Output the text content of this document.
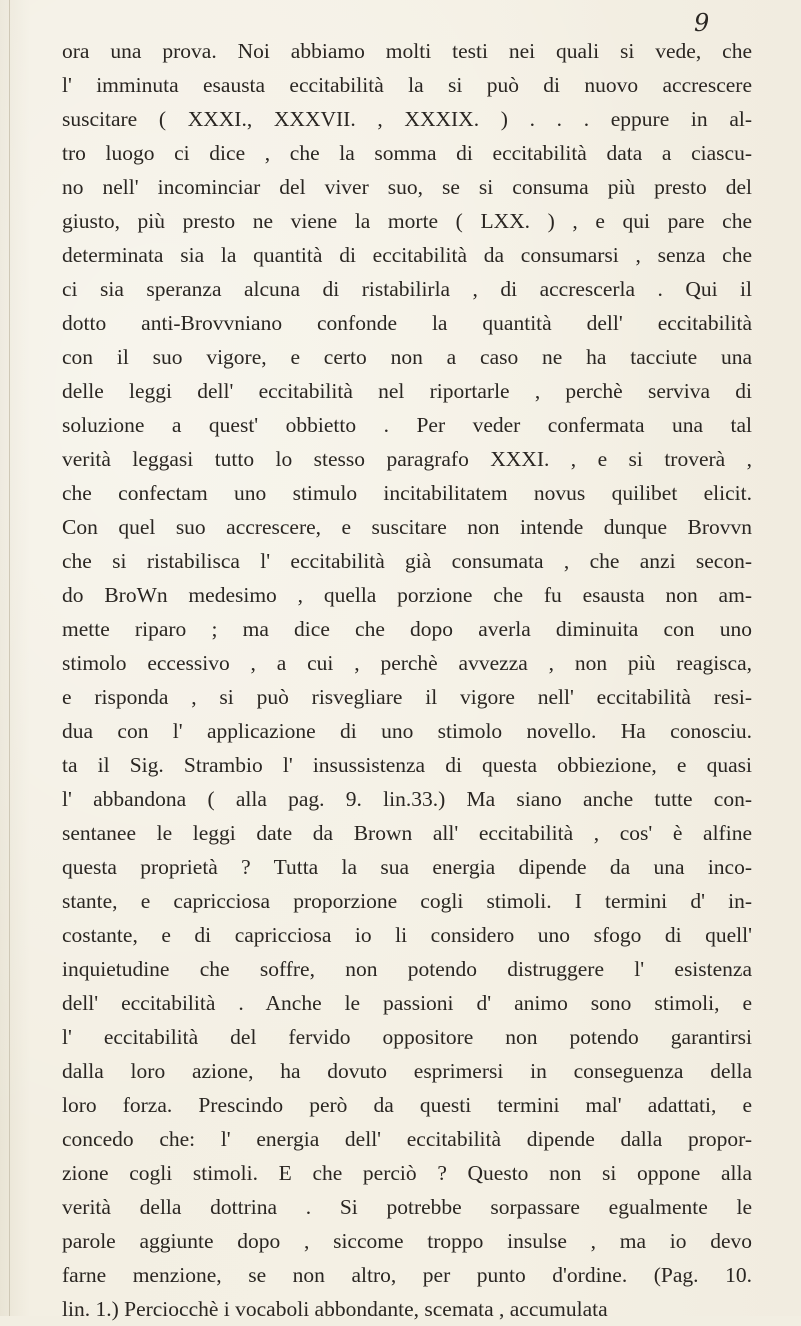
9
ora una prova. Noi abbiamo molti testi nei quali si vede, che
l' imminuta esausta eccitabilità la si può di nuovo accrescere
suscitare ( XXXI., XXXVII. , XXXIX. ) . . . eppure in al-
tro luogo ci dice , che la somma di eccitabilità data a ciascu-
no nell' incominciar del viver suo, se si consuma più presto del
giusto, più presto ne viene la morte ( LXX. ) , e qui pare che
determinata sia la quantità di eccitabilità da consumarsi , senza che
ci sia speranza alcuna di ristabilirla , di accrescerla . Qui il
dotto anti-Brovvniano confonde la quantità dell' eccitabilità
con il suo vigore, e certo non a caso ne ha tacciute una
delle leggi dell' eccitabilità nel riportarle , perchè serviva di
soluzione a quest' obbietto . Per veder confermata una tal
verità leggasi tutto lo stesso paragrafo XXXI. , e si troverà ,
che confectam uno stimulo incitabilitatem novus quilibet elicit.
Con quel suo accrescere, e suscitare non intende dunque Brovvn
che si ristabilisca l' eccitabilità già consumata , che anzi secon-
do BroWn medesimo , quella porzione che fu esausta non am-
mette riparo ; ma dice che dopo averla diminuita con uno
stimolo eccessivo , a cui , perchè avvezza , non più reagisca,
e risponda , si può risvegliare il vigore nell' eccitabilità resi-
dua con l' applicazione di uno stimolo novello. Ha conosciu.
ta il Sig. Strambio l' insussistenza di questa obbiezione, e quasi
l' abbandona ( alla pag. 9. lin.33.) Ma siano anche tutte con-
sentanee le leggi date da Brown all' eccitabilità , cos' è alfine
questa proprietà ? Tutta la sua energia dipende da una inco-
stante, e capricciosa proporzione cogli stimoli. I termini d' in-
costante, e di capricciosa io li considero uno sfogo di quell'
inquietudine che soffre, non potendo distruggere l' esistenza
dell' eccitabilità . Anche le passioni d' animo sono stimoli, e
l' eccitabilità del fervido oppositore non potendo garantirsi
dalla loro azione, ha dovuto esprimersi in conseguenza della
loro forza. Prescindo però da questi termini mal' adattati, e
concedo che: l' energia dell' eccitabilità dipende dalla propor-
zione cogli stimoli. E che perciò ? Questo non si oppone alla
verità della dottrina . Si potrebbe sorpassare egualmente le
parole aggiunte dopo , siccome troppo insulse , ma io devo
farne menzione, se non altro, per punto d'ordine. (Pag. 10.
lin. 1.) Perciocchè i vocaboli abbondante, scemata , accumulata
